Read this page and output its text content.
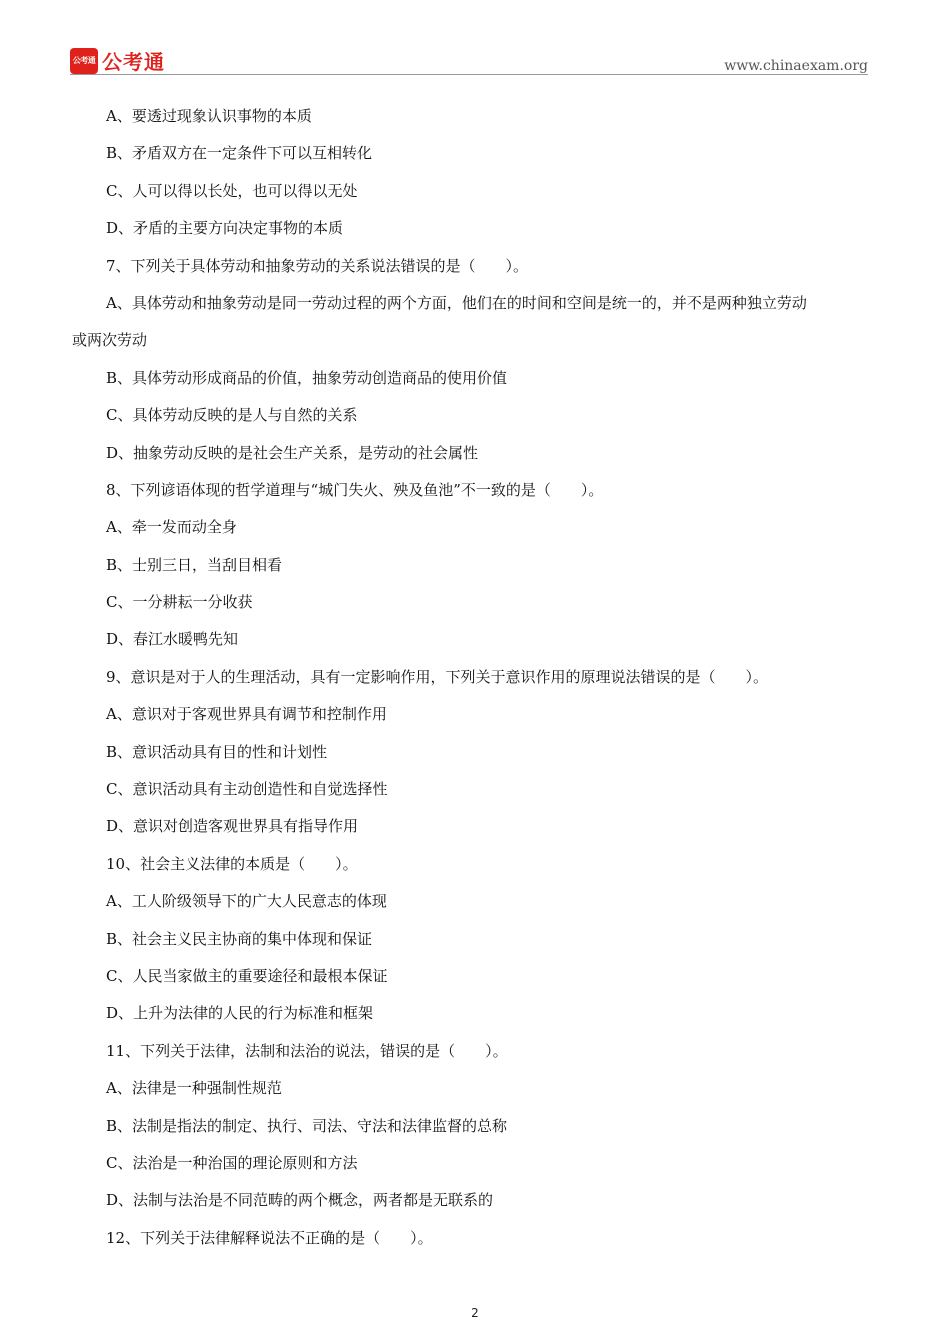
公考通 公考通	www.chinaexam.org
A、要透过现象认识事物的本质
B、矛盾双方在一定条件下可以互相转化
C、人可以得以长处，也可以得以无处
D、矛盾的主要方向决定事物的本质
7、下列关于具体劳动和抽象劳动的关系说法错误的是（　　）。
A、具体劳动和抽象劳动是同一劳动过程的两个方面，他们在的时间和空间是统一的，并不是两种独立劳动
或两次劳动
B、具体劳动形成商品的价值，抽象劳动创造商品的使用价值
C、具体劳动反映的是人与自然的关系
D、抽象劳动反映的是社会生产关系，是劳动的社会属性
8、下列谚语体现的哲学道理与“城门失火、殃及鱼池”不一致的是（　　）。
A、牵一发而动全身
B、士别三日，当刮目相看
C、一分耕耘一分收获
D、春江水暖鸭先知
9、意识是对于人的生理活动，具有一定影响作用，下列关于意识作用的原理说法错误的是（　　）。
A、意识对于客观世界具有调节和控制作用
B、意识活动具有目的性和计划性
C、意识活动具有主动创造性和自觉选择性
D、意识对创造客观世界具有指导作用
10、社会主义法律的本质是（　　）。
A、工人阶级领导下的广大人民意志的体现
B、社会主义民主协商的集中体现和保证
C、人民当家做主的重要途径和最根本保证
D、上升为法律的人民的行为标准和框架
11、下列关于法律，法制和法治的说法，错误的是（　　）。
A、法律是一种强制性规范
B、法制是指法的制定、执行、司法、守法和法律监督的总称
C、法治是一种治国的理论原则和方法
D、法制与法治是不同范畴的两个概念，两者都是无联系的
12、下列关于法律解释说法不正确的是（　　）。
2
